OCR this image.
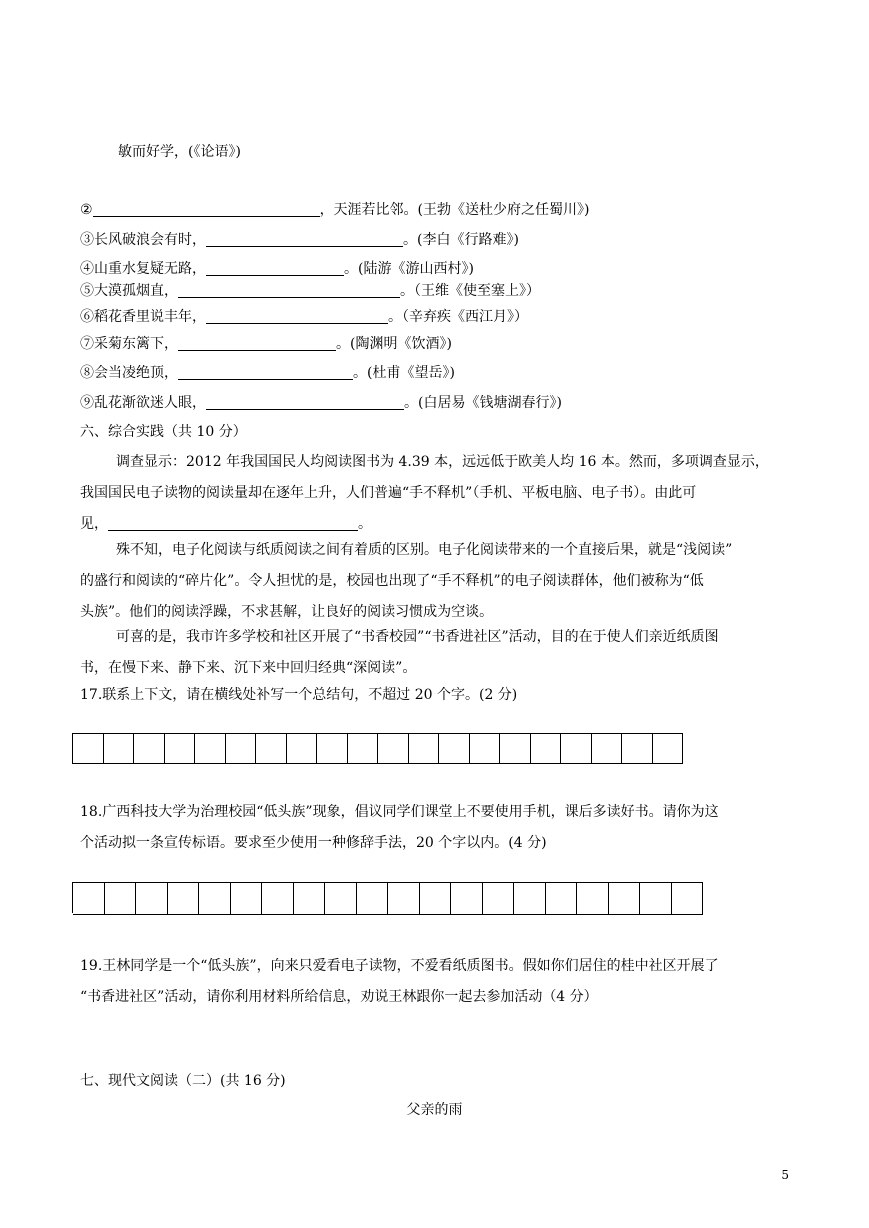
敏而好学，(《论语》)
②	，天涯若比邻。(王勃《送杜少府之任蜀川》)
③长风破浪会有时，	。(李白《行路难》)
④山重水复疑无路，	。(陆游《游山西村》)
⑤大漠孤烟直，	。（王维《使至塞上》）
⑥稻花香里说丰年，	。（辛弃疾《西江月》）
⑦采菊东篱下，	。(陶渊明《饮酒》)
⑧会当凌绝顶，	。(杜甫《望岳》)
⑨乱花渐欲迷人眼，	。(白居易《钱塘湖春行》)
六、综合实践（共 10 分）
调查显示：2012 年我国国民人均阅读图书为 4.39 本，远远低于欧美人均 16 本。然而，多项调查显示，
我国国民电子读物的阅读量却在逐年上升，人们普遍“手不释机”（手机、平板电脑、电子书）。由此可
见，	。
殊不知，电子化阅读与纸质阅读之间有着质的区别。电子化阅读带来的一个直接后果，就是“浅阅读”
的盛行和阅读的“碎片化”。令人担忧的是，校园也出现了“手不释机”的电子阅读群体，他们被称为“低
头族”。他们的阅读浮躁，不求甚解，让良好的阅读习惯成为空谈。
可喜的是，我市许多学校和社区开展了“书香校园”“书香进社区”活动，目的在于使人们亲近纸质图
书，在慢下来、静下来、沉下来中回归经典“深阅读”。
17.联系上下文，请在横线处补写一个总结句，不超过 20 个字。(2 分)
18.广西科技大学为治理校园“低头族”现象，倡议同学们课堂上不要使用手机，课后多读好书。请你为这
个活动拟一条宣传标语。要求至少使用一种修辞手法，20 个字以内。(4 分)
19.王林同学是一个“低头族”，向来只爱看电子读物，不爱看纸质图书。假如你们居住的桂中社区开展了
“书香进社区”活动，请你利用材料所给信息，劝说王林跟你一起去参加活动（4 分）
七、现代文阅读（二）(共 16 分)
父亲的雨
5
